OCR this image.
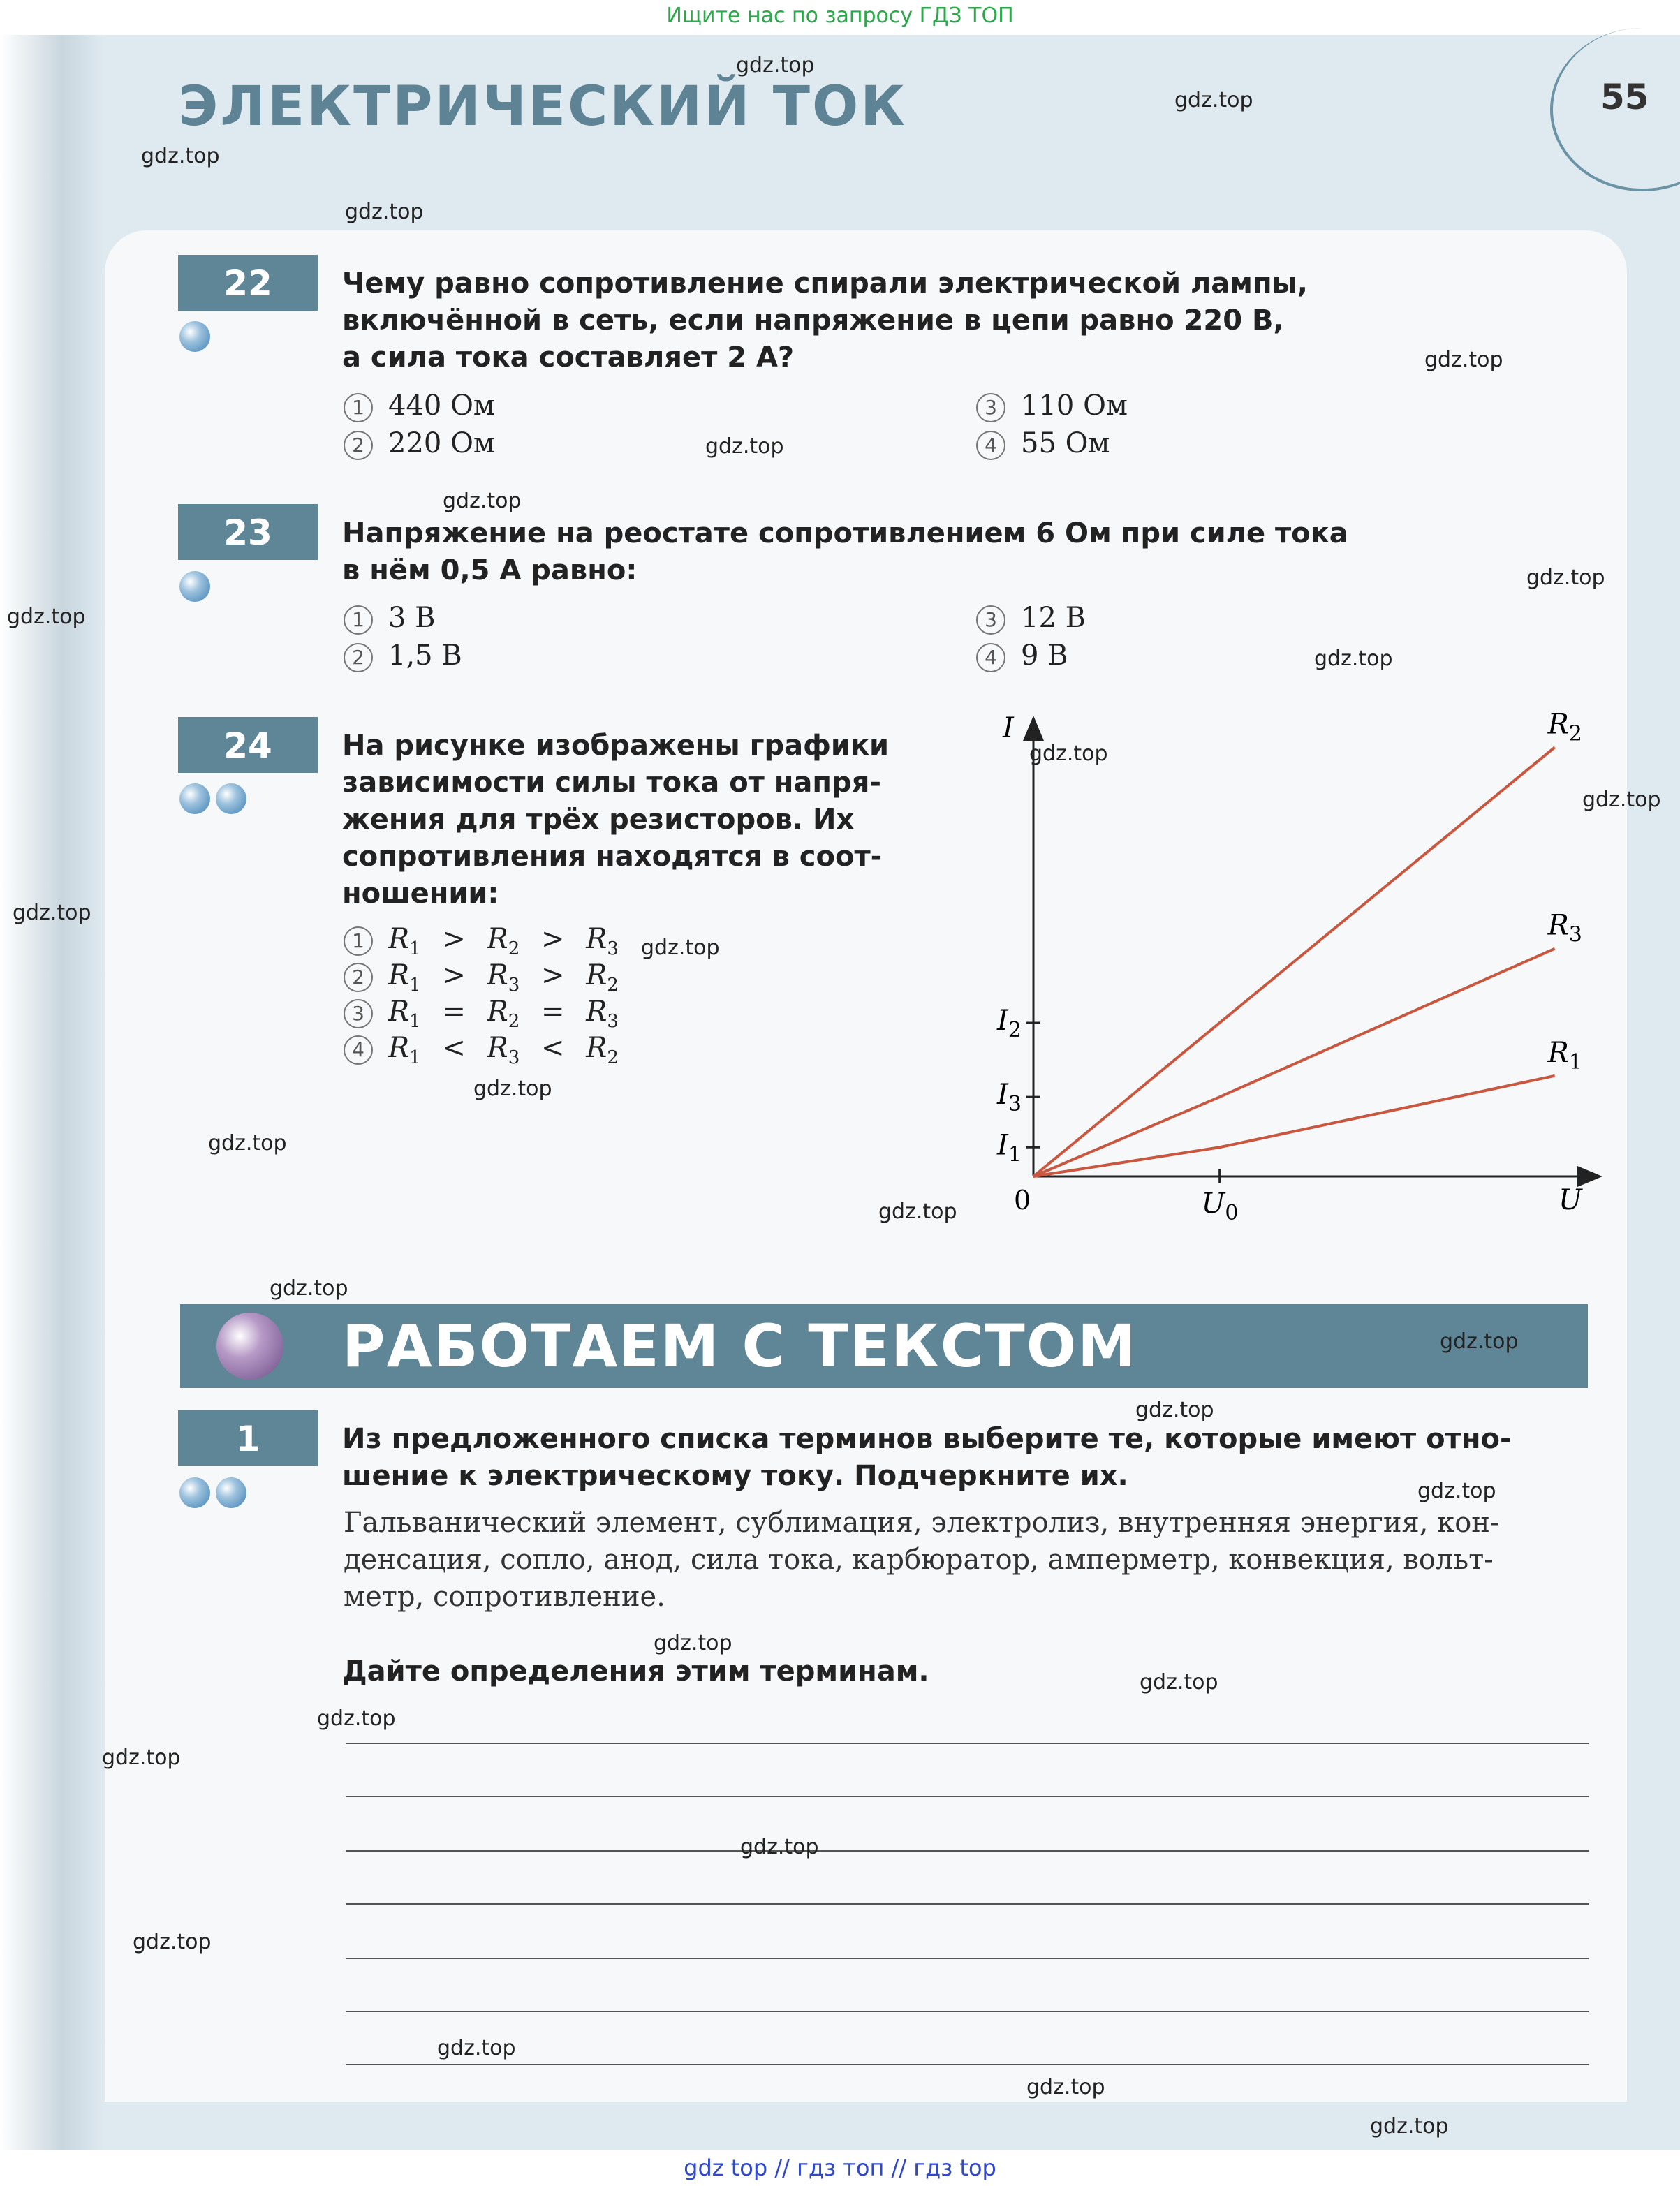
Ищите нас по запросу ГДЗ ТОП
ЭЛЕКТРИЧЕСКИЙ ТОК	55
22	Чему равно сопротивление спирали электрической лампы,
включённой в сеть, если напряжение в цепи равно 220 В,
а сила тока составляет 2 А?
1 440 Ом
2 220 Ом
3 110 Ом
4 55 Ом
23	Напряжение на реостате сопротивлением 6 Ом при силе тока
в нём 0,5 А равно:
1 3 В
2 1,5 В
3 12 В
4 9 В
24	На рисунке изображены графики
зависимости силы тока от напря-
жения для трёх резисторов. Их
сопротивления находятся в соот-
ношении:
1 $R_1 > R_2 > R_3$
2 $R_1 > R_3 > R_2$
3 $R_1 = R_2 = R_3$
4 $R_1 < R_3 < R_2$
I
U
0
$R_2$
$R_3$
$R_1$
$U_0$
$I_1$
$I_3$
$I_2$
РАБОТАЕМ С ТЕКСТОМ
1	Из предложенного списка терминов выберите те, которые имеют отно-
шение к электрическому току. Подчеркните их.
Гальванический элемент, сублимация, электролиз, внутренняя энергия, кон-
денсация, сопло, анод, сила тока, карбюратор, амперметр, конвекция, вольт-
метр, сопротивление.
Дайте определения этим терминам.
gdz.top
gdz.top
gdz.top
gdz.top
gdz.top
gdz.top
gdz.top
gdz.top
gdz.top
gdz.top
gdz.top
gdz.top
gdz.top
gdz.top
gdz.top
gdz.top
gdz.top
gdz.top
gdz.top
gdz.top
gdz.top
gdz.top
gdz.top
gdz.top
gdz.top
gdz.top
gdz.top
gdz.top
gdz.top
gdz.top
gdz top // гдз топ // гдз top
